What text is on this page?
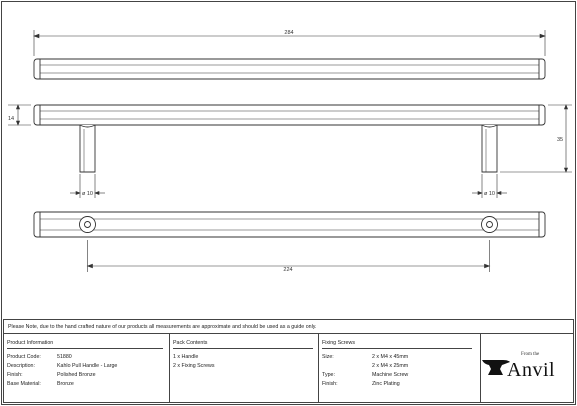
284
14
35
ø 10	ø 10
224
Please Note, due to the hand crafted nature of our products all measurements are approximate and should be used as a guide only.
Product Information
Product Code:	51880
Description:	Kahlo Pull Handle - Large
Finish:	Polished Bronze
Base Material:	Bronze
Pack Contents
1 x Handle
2 x Fixing Screws
Fixing Screws
Size:	2 x M4 x 45mm
2 x M4 x 25mm
Type:	Machine Screw
Finish:	Zinc Plating
From the
Anvil
